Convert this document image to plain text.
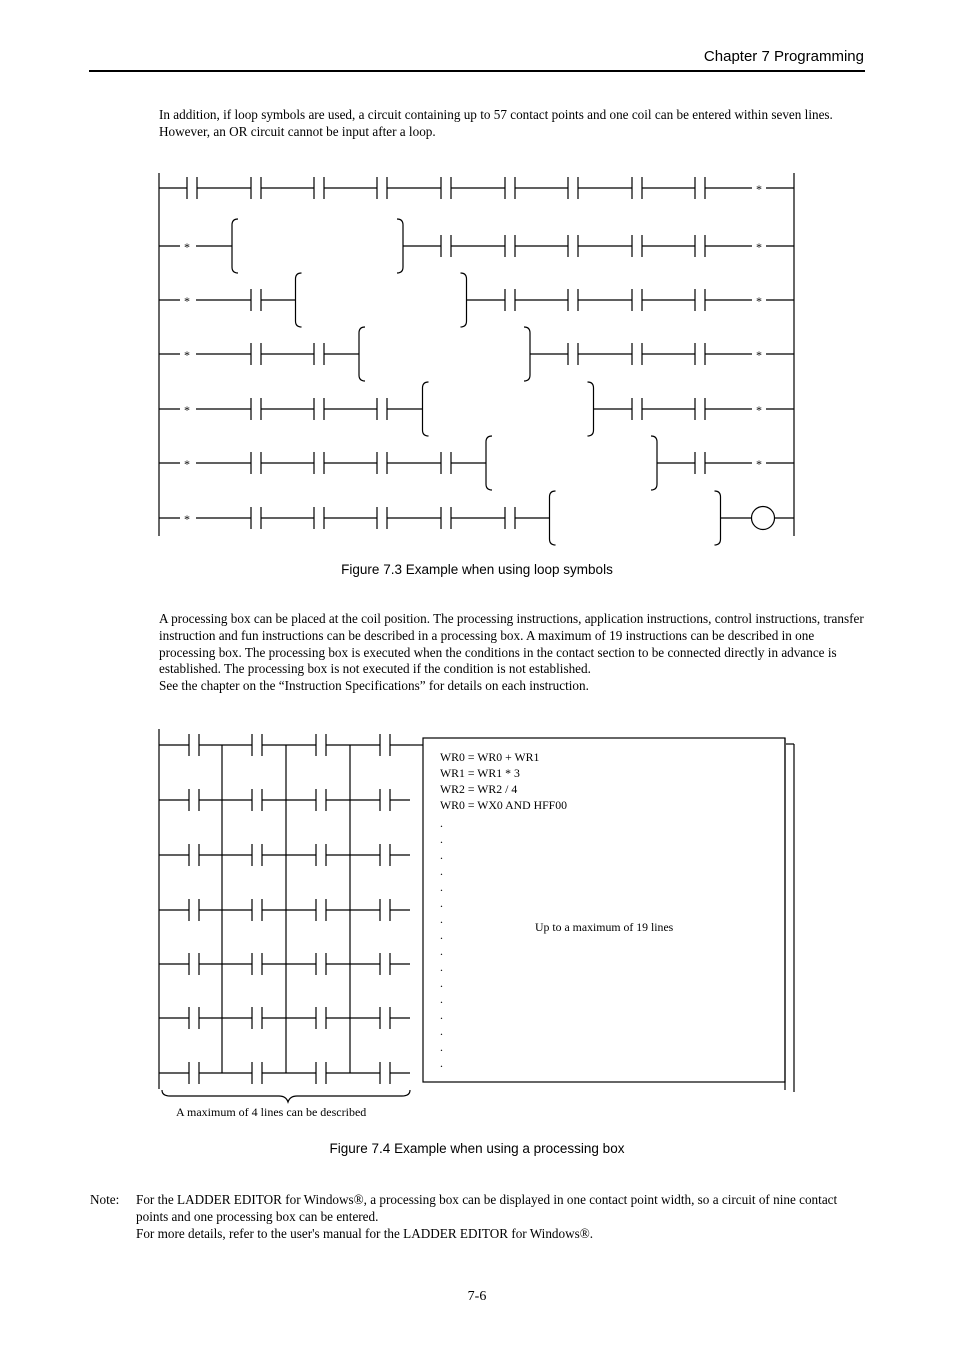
Chapter 7 Programming

In addition, if loop symbols are used, a circuit containing up to 57 contact points and one coil can be entered within seven lines.

However, an OR circuit cannot be input after a loop.

*
*	*
*	*
*	*
*	*
*	*
*
Figure 7.3 Example when using loop symbols

A processing box can be placed at the coil position. The processing instructions, application instructions, control instructions, transfer instruction and fun instructions can be described in a processing box. A maximum of 19 instructions can be described in one processing box. The processing box is executed when the conditions in the contact section to be connected directly in advance is established. The processing box is not executed if the condition is not established.

See the chapter on the “Instruction Specifications” for details on each instruction.

WR0 = WR0 + WR1
WR1 = WR1 * 3
WR2 = WR2 / 4
WR0 = WX0 AND HFF00
.
.
.
.
.
.
.
.
.
.
.
.
.
.
.
.
Up to a maximum of 19 lines
A maximum of 4 lines can be described
Figure 7.4 Example when using a processing box
Note: For the LADDER EDITOR for Windows®, a processing box can be displayed in one contact point width, so a circuit of nine contact points and one processing box can be entered.

For more details, refer to the user's manual for the LADDER EDITOR for Windows®.

7-6
